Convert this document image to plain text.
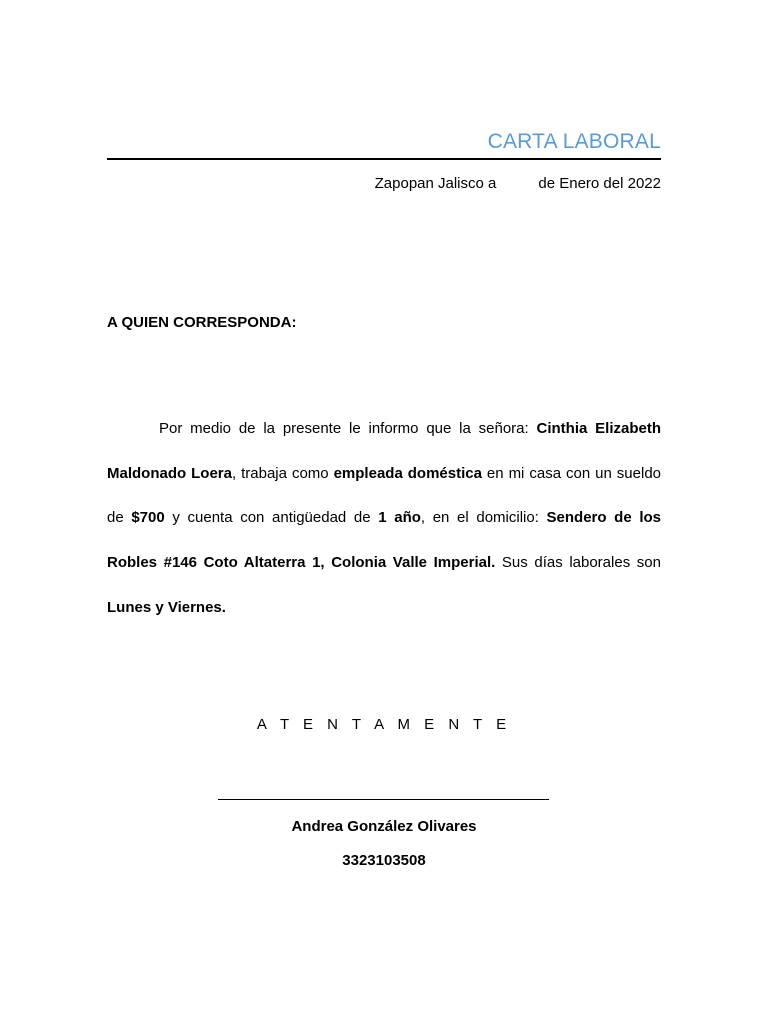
CARTA LABORAL
Zapopan Jalisco a	de Enero del 2022
A QUIEN CORRESPONDA:

Por medio de la presente le informo que la señora: Cinthia Elizabeth Maldonado Loera, trabaja como empleada doméstica en mi casa con un sueldo de $700 y cuenta con antigüedad de 1 año, en el domicilio: Sendero de los Robles #146 Coto Altaterra 1, Colonia Valle Imperial. Sus días laborales son Lunes y Viernes.

A T E N T A M E N T E
Andrea González Olivares
3323103508
